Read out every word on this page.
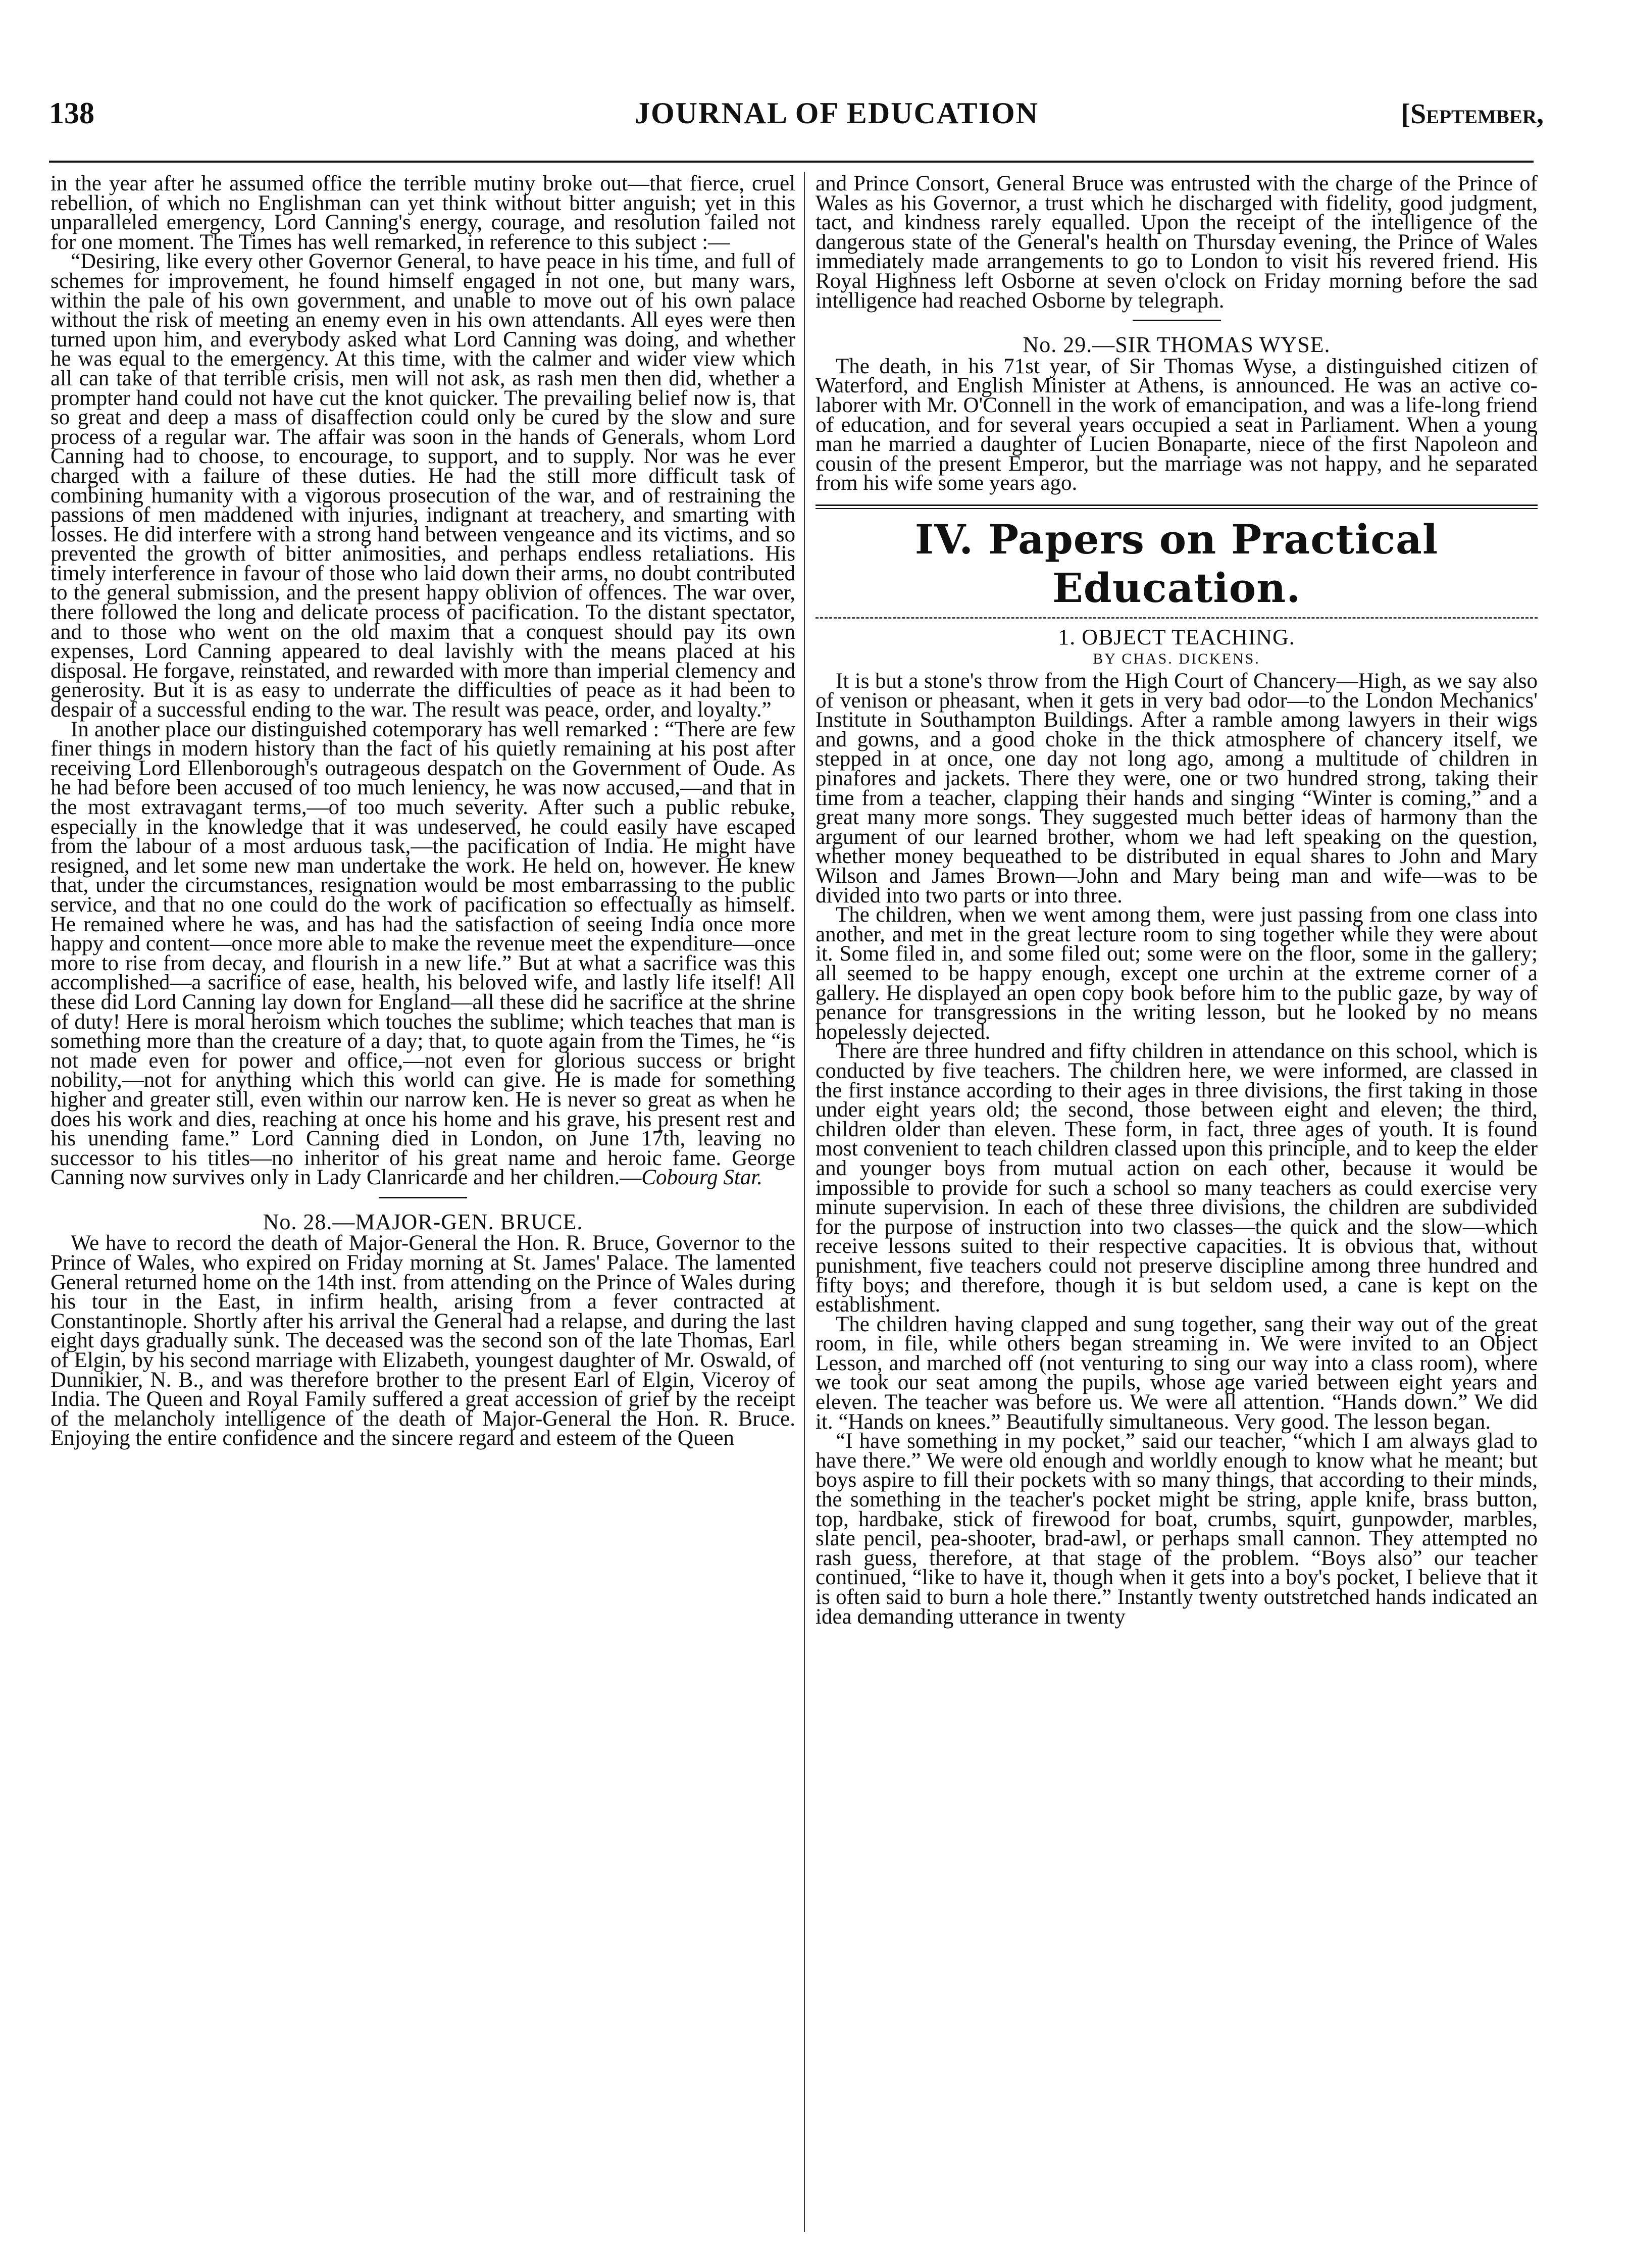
138	JOURNAL OF EDUCATION	[September,

in the year after he assumed office the terrible mutiny broke out—that fierce, cruel rebellion, of which no Englishman can yet think without bitter anguish; yet in this unparalleled emergency, Lord Canning's energy, courage, and resolution failed not for one moment. The Times has well remarked, in reference to this subject :—

“Desiring, like every other Governor General, to have peace in his time, and full of schemes for improvement, he found himself engaged in not one, but many wars, within the pale of his own government, and unable to move out of his own palace without the risk of meeting an enemy even in his own attendants. All eyes were then turned upon him, and everybody asked what Lord Canning was doing, and whether he was equal to the emergency. At this time, with the calmer and wider view which all can take of that terrible crisis, men will not ask, as rash men then did, whether a prompter hand could not have cut the knot quicker. The prevailing belief now is, that so great and deep a mass of disaffection could only be cured by the slow and sure process of a regular war. The affair was soon in the hands of Generals, whom Lord Canning had to choose, to encourage, to support, and to supply. Nor was he ever charged with a failure of these duties. He had the still more difficult task of combining humanity with a vigorous prosecution of the war, and of restraining the passions of men maddened with injuries, indignant at treachery, and smarting with losses. He did interfere with a strong hand between vengeance and its victims, and so prevented the growth of bitter animosities, and perhaps endless retaliations. His timely interference in favour of those who laid down their arms, no doubt contributed to the general submission, and the present happy oblivion of offences. The war over, there followed the long and delicate process of pacification. To the distant spectator, and to those who went on the old maxim that a conquest should pay its own expenses, Lord Canning appeared to deal lavishly with the means placed at his disposal. He forgave, reinstated, and rewarded with more than imperial clemency and generosity. But it is as easy to underrate the difficulties of peace as it had been to despair of a successful ending to the war. The result was peace, order, and loyalty.”

In another place our distinguished cotemporary has well remarked : “There are few finer things in modern history than the fact of his quietly remaining at his post after receiving Lord Ellenborough's outrageous despatch on the Government of Oude. As he had before been accused of too much leniency, he was now accused,—and that in the most extravagant terms,—of too much severity. After such a public rebuke, especially in the knowledge that it was undeserved, he could easily have escaped from the labour of a most arduous task,—the pacification of India. He might have resigned, and let some new man undertake the work. He held on, however. He knew that, under the circumstances, resignation would be most embarrassing to the public service, and that no one could do the work of pacification so effectually as himself. He remained where he was, and has had the satisfaction of seeing India once more happy and content—once more able to make the revenue meet the expenditure—once more to rise from decay, and flourish in a new life.” But at what a sacrifice was this accomplished—a sacrifice of ease, health, his beloved wife, and lastly life itself! All these did Lord Canning lay down for England—all these did he sacrifice at the shrine of duty! Here is moral heroism which touches the sublime; which teaches that man is something more than the creature of a day; that, to quote again from the Times, he “is not made even for power and office,—not even for glorious success or bright nobility,—not for anything which this world can give. He is made for something higher and greater still, even within our narrow ken. He is never so great as when he does his work and dies, reaching at once his home and his grave, his present rest and his unending fame.” Lord Canning died in London, on June 17th, leaving no successor to his titles—no inheritor of his great name and heroic fame. George Canning now survives only in Lady Clanricarde and her children.—Cobourg Star.

No. 28.—MAJOR-GEN. BRUCE.

We have to record the death of Major-General the Hon. R. Bruce, Governor to the Prince of Wales, who expired on Friday morning at St. James' Palace. The lamented General returned home on the 14th inst. from attending on the Prince of Wales during his tour in the East, in infirm health, arising from a fever contracted at Constantinople. Shortly after his arrival the General had a relapse, and during the last eight days gradually sunk. The deceased was the second son of the late Thomas, Earl of Elgin, by his second marriage with Elizabeth, youngest daughter of Mr. Oswald, of Dunnikier, N. B., and was therefore brother to the present Earl of Elgin, Viceroy of India. The Queen and Royal Family suffered a great accession of grief by the receipt of the melancholy intelligence of the death of Major-General the Hon. R. Bruce. Enjoying the entire confidence and the sincere regard and esteem of the Queen

and Prince Consort, General Bruce was entrusted with the charge of the Prince of Wales as his Governor, a trust which he discharged with fidelity, good judgment, tact, and kindness rarely equalled. Upon the receipt of the intelligence of the dangerous state of the General's health on Thursday evening, the Prince of Wales immediately made arrangements to go to London to visit his revered friend. His Royal Highness left Osborne at seven o'clock on Friday morning before the sad intelligence had reached Osborne by telegraph.

No. 29.—SIR THOMAS WYSE.

The death, in his 71st year, of Sir Thomas Wyse, a distinguished citizen of Waterford, and English Minister at Athens, is announced. He was an active co-laborer with Mr. O'Connell in the work of emancipation, and was a life-long friend of education, and for several years occupied a seat in Parliament. When a young man he married a daughter of Lucien Bonaparte, niece of the first Napoleon and cousin of the present Emperor, but the marriage was not happy, and he separated from his wife some years ago.

IV. Papers on Practical Education.
1. OBJECT TEACHING.
BY CHAS. DICKENS.

It is but a stone's throw from the High Court of Chancery—High, as we say also of venison or pheasant, when it gets in very bad odor—to the London Mechanics' Institute in Southampton Buildings. After a ramble among lawyers in their wigs and gowns, and a good choke in the thick atmosphere of chancery itself, we stepped in at once, one day not long ago, among a multitude of children in pinafores and jackets. There they were, one or two hundred strong, taking their time from a teacher, clapping their hands and singing “Winter is coming,” and a great many more songs. They suggested much better ideas of harmony than the argument of our learned brother, whom we had left speaking on the question, whether money bequeathed to be distributed in equal shares to John and Mary Wilson and James Brown—John and Mary being man and wife—was to be divided into two parts or into three.

The children, when we went among them, were just passing from one class into another, and met in the great lecture room to sing together while they were about it. Some filed in, and some filed out; some were on the floor, some in the gallery; all seemed to be happy enough, except one urchin at the extreme corner of a gallery. He displayed an open copy book before him to the public gaze, by way of penance for transgressions in the writing lesson, but he looked by no means hopelessly dejected.

There are three hundred and fifty children in attendance on this school, which is conducted by five teachers. The children here, we were informed, are classed in the first instance according to their ages in three divisions, the first taking in those under eight years old; the second, those between eight and eleven; the third, children older than eleven. These form, in fact, three ages of youth. It is found most convenient to teach children classed upon this principle, and to keep the elder and younger boys from mutual action on each other, because it would be impossible to provide for such a school so many teachers as could exercise very minute supervision. In each of these three divisions, the children are subdivided for the purpose of instruction into two classes—the quick and the slow—which receive lessons suited to their respective capacities. It is obvious that, without punishment, five teachers could not preserve discipline among three hundred and fifty boys; and therefore, though it is but seldom used, a cane is kept on the establishment.

The children having clapped and sung together, sang their way out of the great room, in file, while others began streaming in. We were invited to an Object Lesson, and marched off (not venturing to sing our way into a class room), where we took our seat among the pupils, whose age varied between eight years and eleven. The teacher was before us. We were all attention. “Hands down.” We did it. “Hands on knees.” Beautifully simultaneous. Very good. The lesson began.

“I have something in my pocket,” said our teacher, “which I am always glad to have there.” We were old enough and worldly enough to know what he meant; but boys aspire to fill their pockets with so many things, that according to their minds, the something in the teacher's pocket might be string, apple knife, brass button, top, hardbake, stick of firewood for boat, crumbs, squirt, gunpowder, marbles, slate pencil, pea-shooter, brad-awl, or perhaps small cannon. They attempted no rash guess, therefore, at that stage of the problem. “Boys also” our teacher continued, “like to have it, though when it gets into a boy's pocket, I believe that it is often said to burn a hole there.” Instantly twenty outstretched hands indicated an idea demanding utterance in twenty
